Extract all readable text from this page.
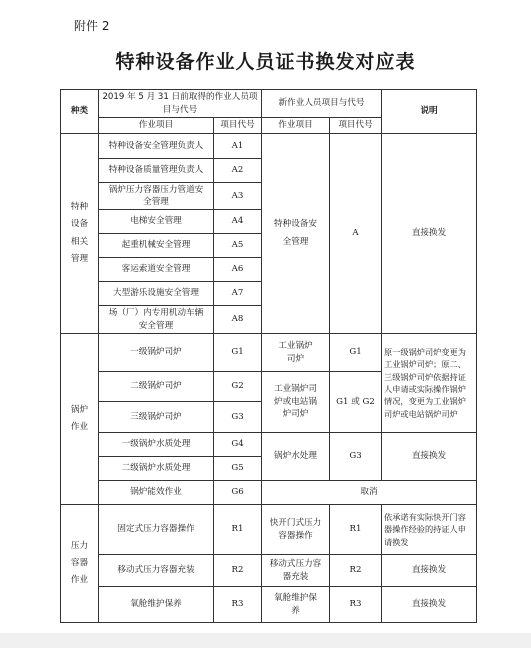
附件 2
特种设备作业人员证书换发对应表
种类	2019 年 5 月 31 日前取得的作业人员项目与代号		新作业人员项目与代号		说明
	作业项目	项目代号	作业项目	项目代号	
特种设备相关管理	特种设备安全管理负责人	A1	特种设备安全管理	A	直接换发
	特种设备质量管理负责人	A2			
	锅炉压力容器压力管道安全管理	A3			
	电梯安全管理	A4			
	起重机械安全管理	A5			
	客运索道安全管理	A6			
	大型游乐设施安全管理	A7			
	场（厂）内专用机动车辆安全管理	A8			
锅炉作业	一级锅炉司炉	G1	工业锅炉司炉	G1	原一级锅炉司炉变更为工业锅炉司炉；原二、三级锅炉司炉依据持证人申请或实际操作锅炉情况，变更为工业锅炉司炉或电站锅炉司炉
	二级锅炉司炉	G2	工业锅炉司炉或电站锅炉司炉	G1 或 G2	
	三级锅炉司炉	G3			
	一级锅炉水质处理	G4	锅炉水处理	G3	直接换发
	二级锅炉水质处理	G5			
	锅炉能效作业	G6	取消		
压力容器作业	固定式压力容器操作	R1	快开门式压力容器操作	R1	依承诺有实际快开门容器操作经验的持证人申请换发
	移动式压力容器充装	R2	移动式压力容器充装	R2	直接换发
	氧舱维护保养	R3	氧舱维护保养	R3	直接换发
